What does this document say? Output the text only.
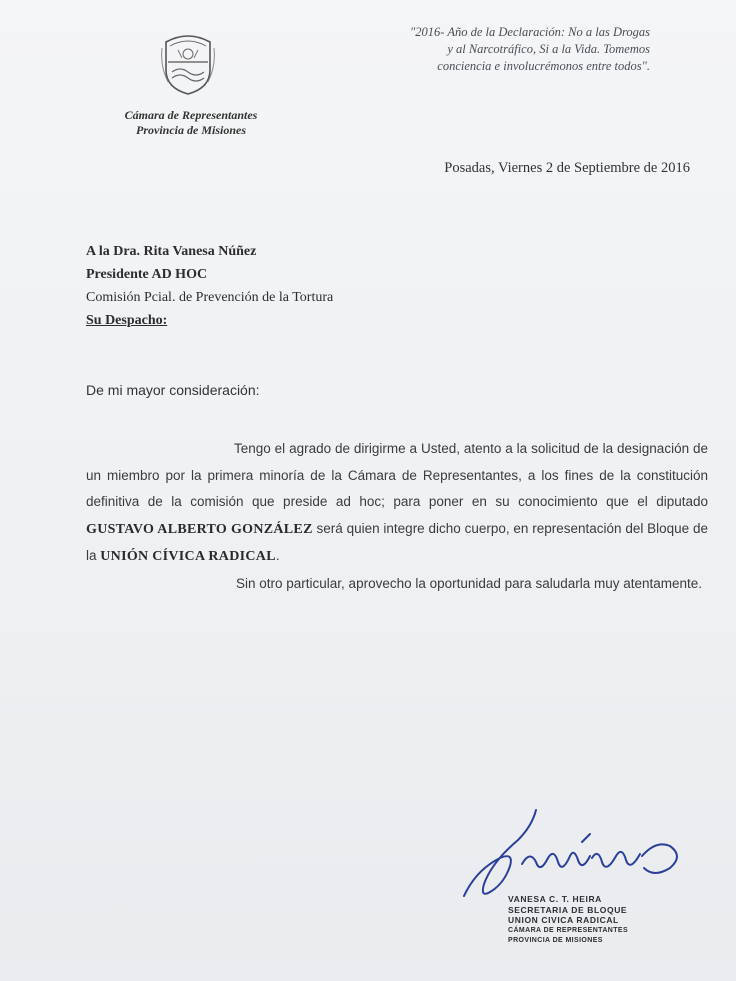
Cámara de Representantes
Provincia de Misiones
"2016- Año de la Declaración: No a las Drogas
y al Narcotráfico, Si a la Vida. Tomemos
conciencia e involucrémonos entre todos".
Posadas, Viernes 2 de Septiembre de 2016
A la Dra. Rita Vanesa Núñez
Presidente AD HOC
Comisión Pcial. de Prevención de la Tortura
Su Despacho:
De mi mayor consideración:

Tengo el agrado de dirigirme a Usted, atento a la solicitud de la designación de un miembro por la primera minoría de la Cámara de Representantes, a los fines de la constitución definitiva de la comisión que preside ad hoc; para poner en su conocimiento que el diputado GUSTAVO ALBERTO GONZÁLEZ será quien integre dicho cuerpo, en representación del Bloque de la UNIÓN CÍVICA RADICAL.

Sin otro particular, aprovecho la oportunidad para saludarla muy atentamente.

VANESA C. T. HEIRA
SECRETARIA DE BLOQUE
UNION CIVICA RADICAL
CÁMARA DE REPRESENTANTES
PROVINCIA DE MISIONES
